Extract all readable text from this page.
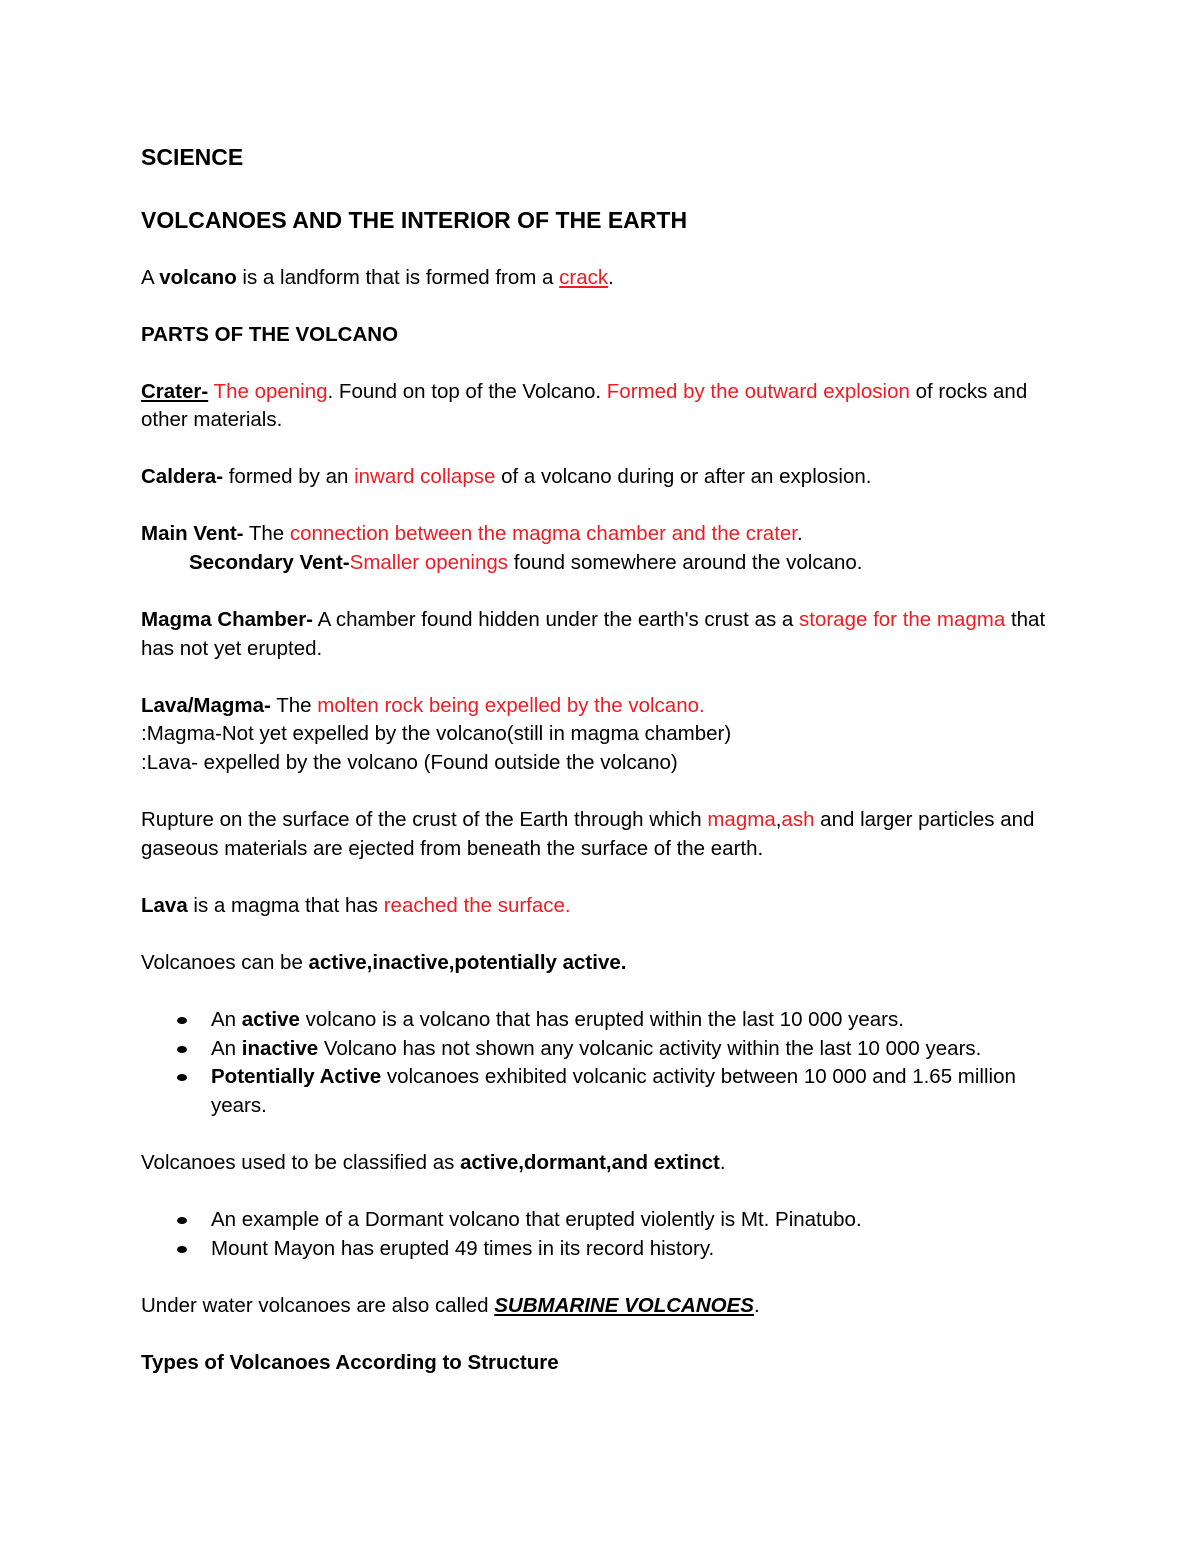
SCIENCE

VOLCANOES AND THE INTERIOR OF THE EARTH

A volcano is a landform that is formed from a crack.

PARTS OF THE VOLCANO

Crater- The opening. Found on top of the Volcano. Formed by the outward explosion of rocks and other materials.

Caldera- formed by an inward collapse of a volcano during or after an explosion.

Main Vent- The connection between the magma chamber and the crater.

Secondary Vent-Smaller openings found somewhere around the volcano.

Magma Chamber- A chamber found hidden under the earth's crust as a storage for the magma that has not yet erupted.

Lava/Magma- The molten rock being expelled by the volcano.

:Magma-Not yet expelled by the volcano(still in magma chamber)

:Lava- expelled by the volcano (Found outside the volcano)

Rupture on the surface of the crust of the Earth through which magma,ash and larger particles and gaseous materials are ejected from beneath the surface of the earth.

Lava is a magma that has reached the surface.

Volcanoes can be active,inactive,potentially active.

An active volcano is a volcano that has erupted within the last 10 000 years.
An inactive Volcano has not shown any volcanic activity within the last 10 000 years.
Potentially Active volcanoes exhibited volcanic activity between 10 000 and 1.65 million years.

Volcanoes used to be classified as active,dormant,and extinct.

An example of a Dormant volcano that erupted violently is Mt. Pinatubo.
Mount Mayon has erupted 49 times in its record history.

Under water volcanoes are also called SUBMARINE VOLCANOES.

Types of Volcanoes According to Structure
